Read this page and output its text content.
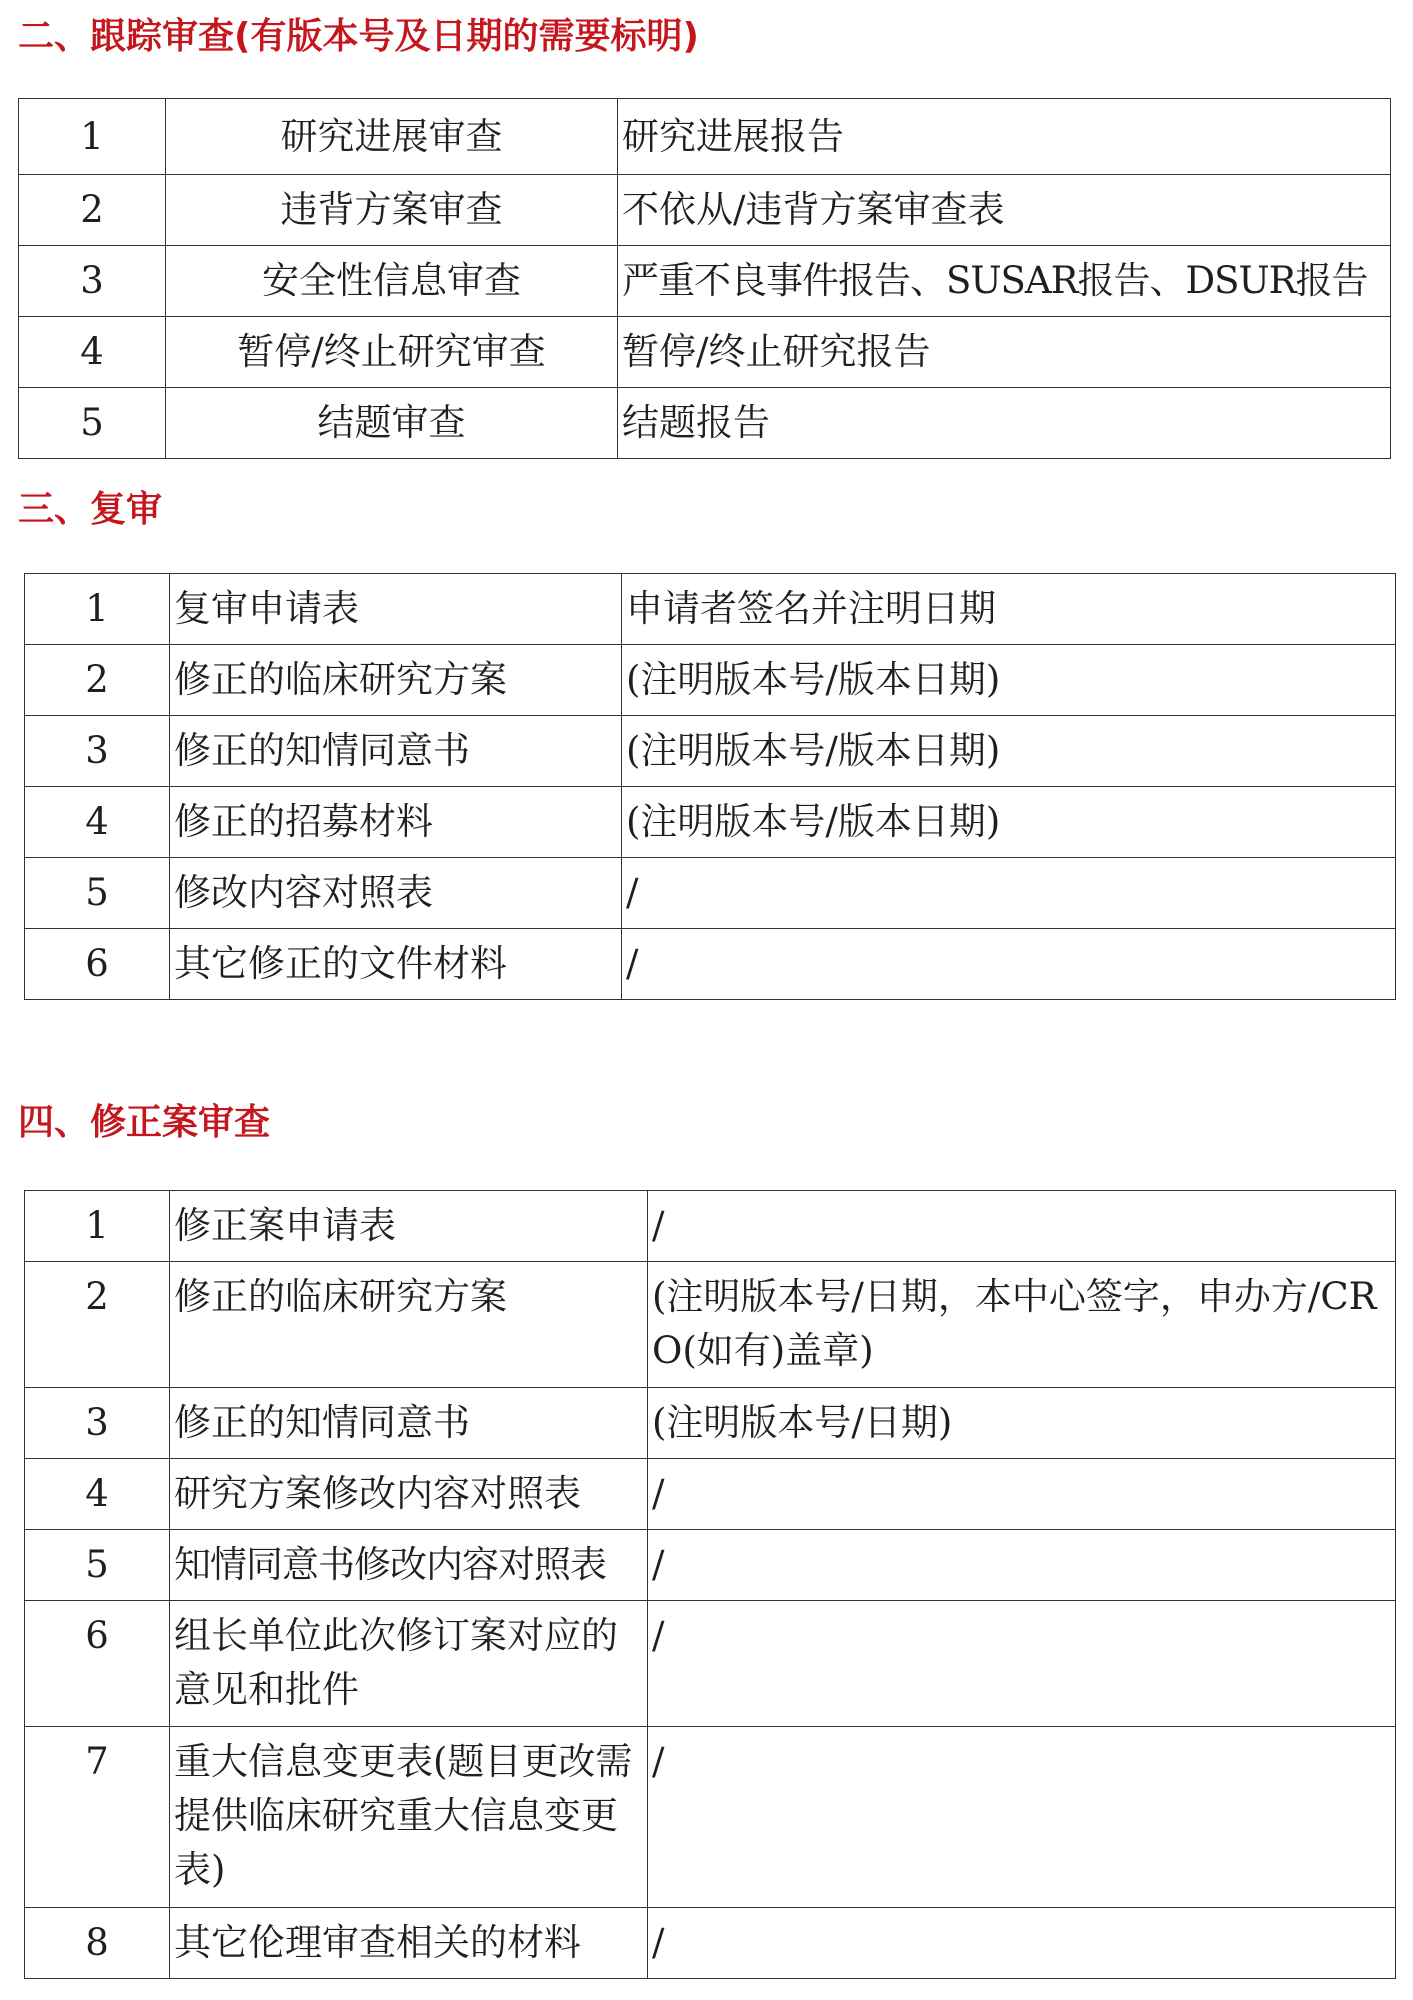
二、跟踪审查(有版本号及日期的需要标明)
1	研究进展审查	研究进展报告
2	违背方案审查	不依从/违背方案审查表
3	安全性信息审查	严重不良事件报告、SUSAR报告、DSUR报告
4	暂停/终止研究审查	暂停/终止研究报告
5	结题审查	结题报告
三、复审
1	复审申请表	申请者签名并注明日期
2	修正的临床研究方案	(注明版本号/版本日期)
3	修正的知情同意书	(注明版本号/版本日期)
4	修正的招募材料	(注明版本号/版本日期)
5	修改内容对照表	/
6	其它修正的文件材料	/
四、修正案审查
1	修正案申请表	/
2	修正的临床研究方案	(注明版本号/日期，本中心签字，申办方/CRO(如有)盖章)
3	修正的知情同意书	(注明版本号/日期)
4	研究方案修改内容对照表	/
5	知情同意书修改内容对照表	/
6	组长单位此次修订案对应的意见和批件	/
7	重大信息变更表(题目更改需提供临床研究重大信息变更表)	/
8	其它伦理审查相关的材料	/
